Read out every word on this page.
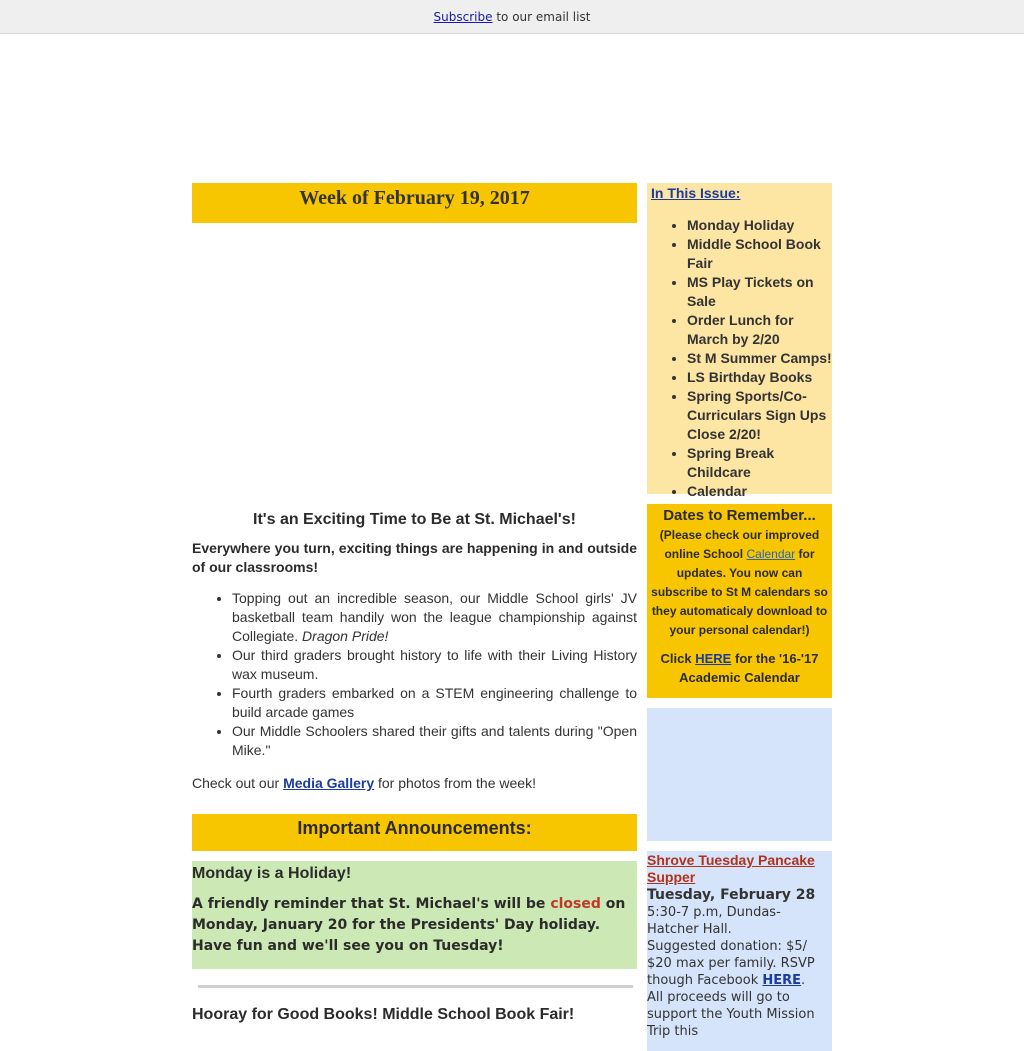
Subscribe to our email list
Week of February 19, 2017
It's an Exciting Time to Be at St. Michael's!

Everywhere you turn, exciting things are happening in and outside of our classrooms!

• Topping out an incredible season, our Middle School girls' JV basketball team handily won the league championship against Collegiate. Dragon Pride!
• Our third graders brought history to life with their Living History wax museum.
• Fourth graders embarked on a STEM engineering challenge to build arcade games
• Our Middle Schoolers shared their gifts and talents during "Open Mike."

Check out our Media Gallery for photos from the week!

Important Announcements:
Monday is a Holiday!

A friendly reminder that St. Michael's will be closed on Monday, January 20 for the Presidents' Day holiday. Have fun and we'll see you on Tuesday!

Hooray for Good Books! Middle School Book Fair!
In This Issue:
• Monday Holiday
• Middle School Book Fair
• MS Play Tickets on Sale
• Order Lunch for March by 2/20
• St M Summer Camps!
• LS Birthday Books
• Spring Sports/Co-Curriculars Sign Ups Close 2/20!
• Spring Break Childcare
• Calendar
Dates to Remember...

(Please check our improved online School Calendar for updates. You now can subscribe to St M calendars so they automaticaly download to your personal calendar!)

Click HERE for the '16-'17 Academic Calendar

Shrove Tuesday Pancake Supper
Tuesday, February 28

5:30-7 p.m, Dundas-Hatcher Hall.

Suggested donation: $5/ $20 max per family. RSVP though Facebook HERE.

All proceeds will go to support the Youth Mission Trip this
